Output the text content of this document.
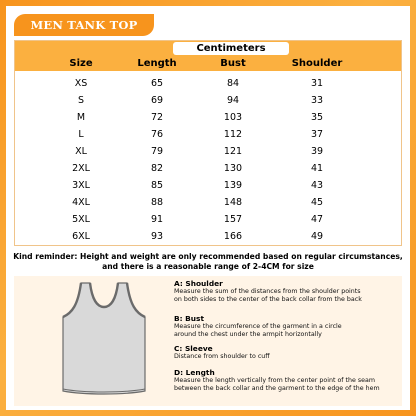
MEN TANK TOP
Centimeters
Size	Length	Bust	Shoulder
XS	65	84	31
S	69	94	33
M	72	103	35
L	76	112	37
XL	79	121	39
2XL	82	130	41
3XL	85	139	43
4XL	88	148	45
5XL	91	157	47
6XL	93	166	49
Kind reminder: Height and weight are only recommended based on regular circumstances,
and there is a reasonable range of 2-4CM for size
A: Shoulder
Measure the sum of the distances from the shoulder points
on both sides to the center of the back collar from the back
B: Bust
Measure the circumference of the garment in a circle
around the chest under the armpit horizontally
C: Sleeve
Distance from shoulder to cuff
D: Length
Measure the length vertically from the center point of the seam
between the back collar and the garment to the edge of the hem
